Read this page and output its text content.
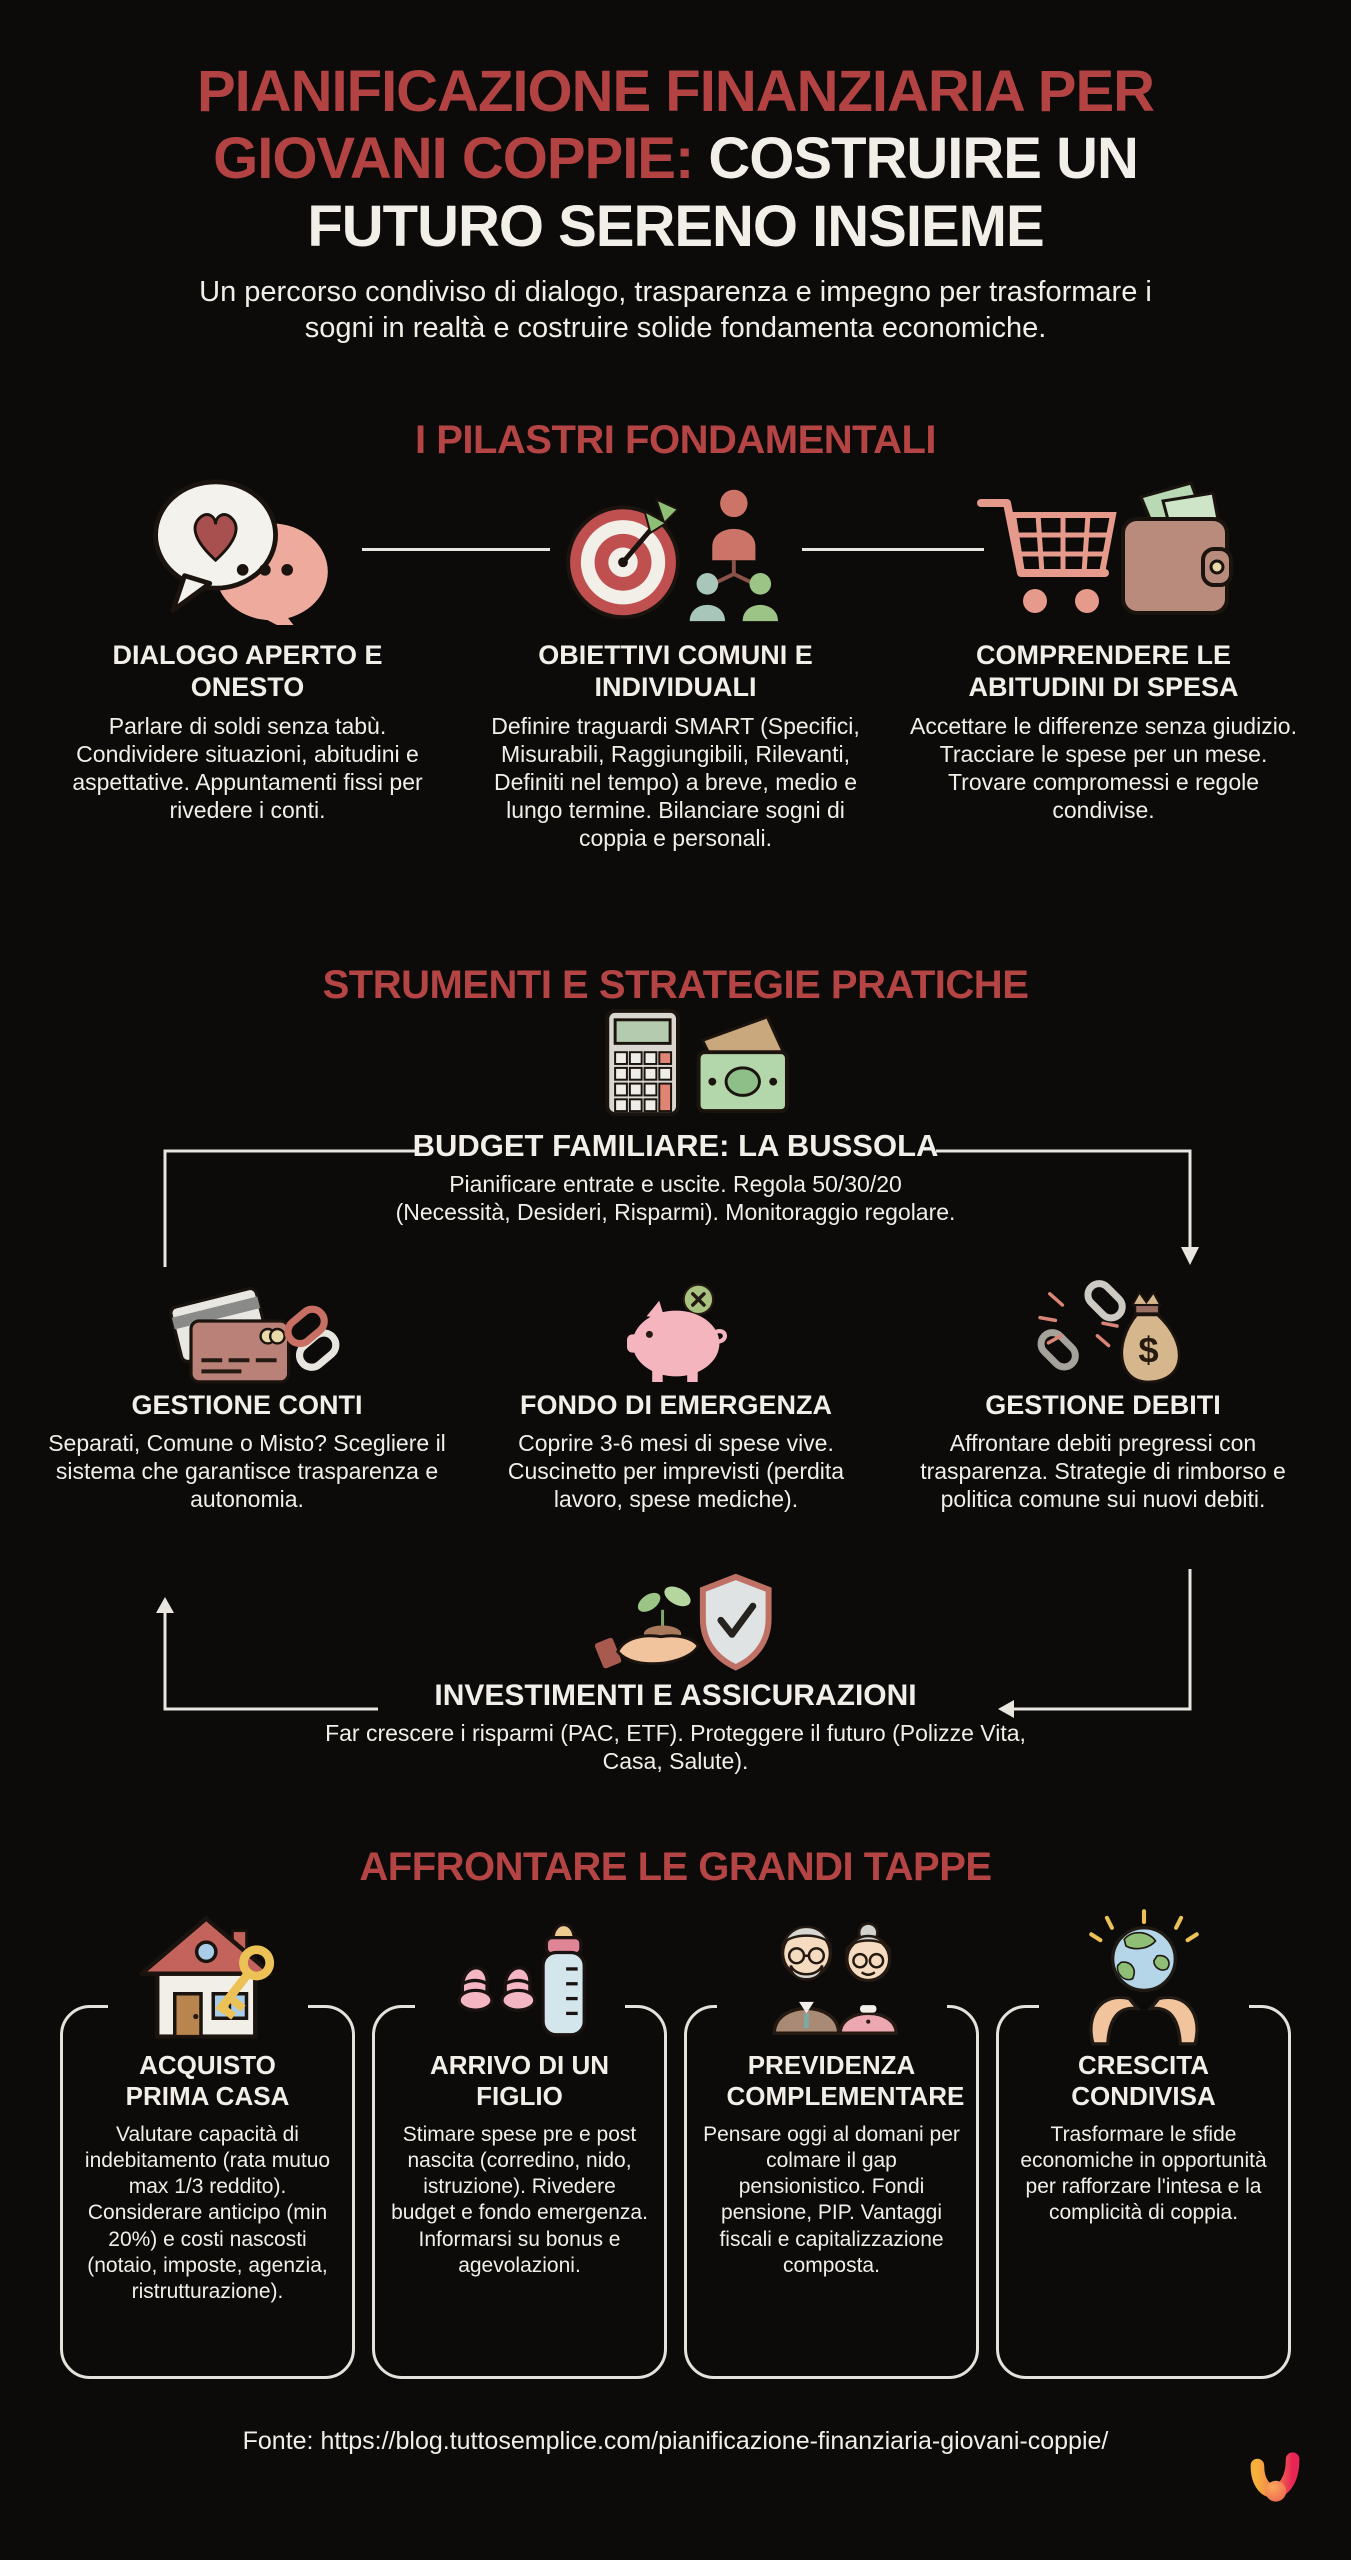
PIANIFICAZIONE FINANZIARIA PER
GIOVANI COPPIE: COSTRUIRE UN
FUTURO SERENO INSIEME
Un percorso condiviso di dialogo, trasparenza e impegno per trasformare i sogni in realtà e costruire solide fondamenta economiche.
I PILASTRI FONDAMENTALI
DIALOGO APERTO E ONESTO
Parlare di soldi senza tabù. Condividere situazioni, abitudini e aspettative. Appuntamenti fissi per rivedere i conti.
OBIETTIVI COMUNI E INDIVIDUALI
Definire traguardi SMART (Specifici, Misurabili, Raggiungibili, Rilevanti, Definiti nel tempo) a breve, medio e lungo termine. Bilanciare sogni di coppia e personali.
COMPRENDERE LE ABITUDINI DI SPESA
Accettare le differenze senza giudizio. Tracciare le spese per un mese. Trovare compromessi e regole condivise.
STRUMENTI E STRATEGIE PRATICHE
BUDGET FAMILIARE: LA BUSSOLA
Pianificare entrate e uscite. Regola 50/30/20 (Necessità, Desideri, Risparmi). Monitoraggio regolare.
GESTIONE CONTI
Separati, Comune o Misto? Scegliere il sistema che garantisce trasparenza e autonomia.
FONDO DI EMERGENZA
Coprire 3-6 mesi di spese vive. Cuscinetto per imprevisti (perdita lavoro, spese mediche).
$
GESTIONE DEBITI
Affrontare debiti pregressi con trasparenza. Strategie di rimborso e politica comune sui nuovi debiti.
INVESTIMENTI E ASSICURAZIONI
Far crescere i risparmi (PAC, ETF). Proteggere il futuro (Polizze Vita, Casa, Salute).
AFFRONTARE LE GRANDI TAPPE
ACQUISTO PRIMA CASA
Valutare capacità di indebitamento (rata mutuo max 1/3 reddito). Considerare anticipo (min 20%) e costi nascosti (notaio, imposte, agenzia, ristrutturazione).
ARRIVO DI UN FIGLIO
Stimare spese pre e post nascita (corredino, nido, istruzione). Rivedere budget e fondo emergenza. Informarsi su bonus e agevolazioni.
PREVIDENZA COMPLEMENTARE
Pensare oggi al domani per colmare il gap pensionistico. Fondi pensione, PIP. Vantaggi fiscali e capitalizzazione composta.
CRESCITA CONDIVISA
Trasformare le sfide economiche in opportunità per rafforzare l'intesa e la complicità di coppia.
Fonte: https://blog.tuttosemplice.com/pianificazione-finanziaria-giovani-coppie/
